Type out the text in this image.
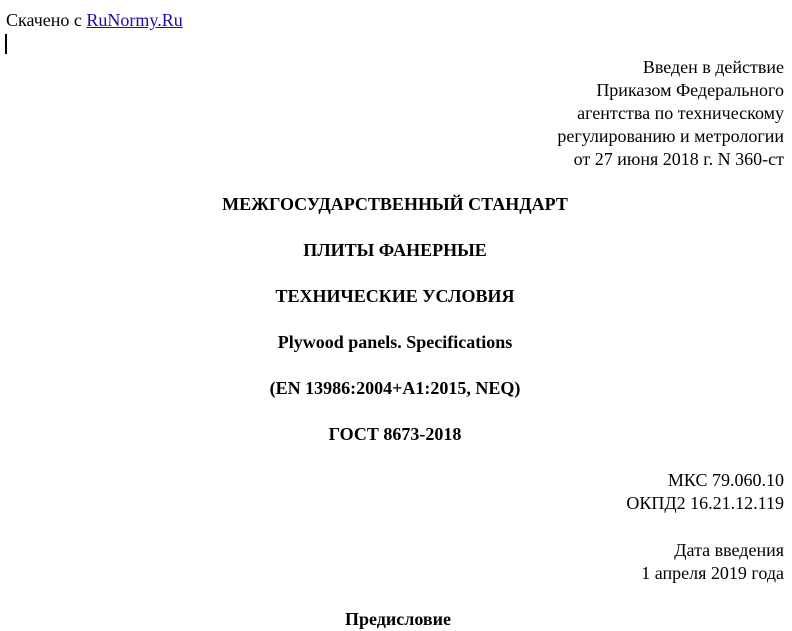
Скачено с RuNormy.Ru
Введен в действие
Приказом Федерального
агентства по техническому
регулированию и метрологии
от 27 июня 2018 г. N 360-ст
МЕЖГОСУДАРСТВЕННЫЙ СТАНДАРТ
ПЛИТЫ ФАНЕРНЫЕ
ТЕХНИЧЕСКИЕ УСЛОВИЯ
Plywood panels. Specifications
(EN 13986:2004+A1:2015, NEQ)
ГОСТ 8673-2018
МКС 79.060.10
ОКПД2 16.21.12.119
Дата введения
1 апреля 2019 года
Предисловие
